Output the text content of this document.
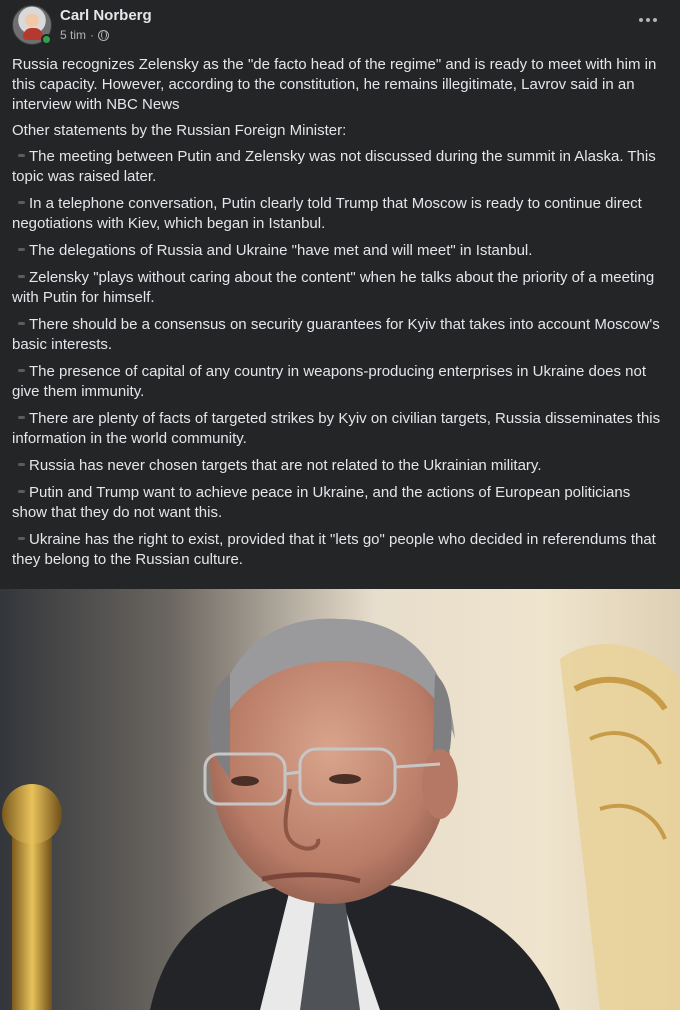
Carl Norberg
5 tim ·

Russia recognizes Zelensky as the "de facto head of the regime" and is ready to meet with him in this capacity. However, according to the constitution, he remains illegitimate, Lavrov said in an interview with NBC News

Other statements by the Russian Foreign Minister:

The meeting between Putin and Zelensky was not discussed during the summit in Alaska. This topic was raised later.
In a telephone conversation, Putin clearly told Trump that Moscow is ready to continue direct negotiations with Kiev, which began in Istanbul.
The delegations of Russia and Ukraine "have met and will meet" in Istanbul.
Zelensky "plays without caring about the content" when he talks about the priority of a meeting with Putin for himself.
There should be a consensus on security guarantees for Kyiv that takes into account Moscow's basic interests.
The presence of capital of any country in weapons-producing enterprises in Ukraine does not give them immunity.
There are plenty of facts of targeted strikes by Kyiv on civilian targets, Russia disseminates this information in the world community.
Russia has never chosen targets that are not related to the Ukrainian military.
Putin and Trump want to achieve peace in Ukraine, and the actions of European politicians show that they do not want this.
Ukraine has the right to exist, provided that it "lets go" people who decided in referendums that they belong to the Russian culture.
